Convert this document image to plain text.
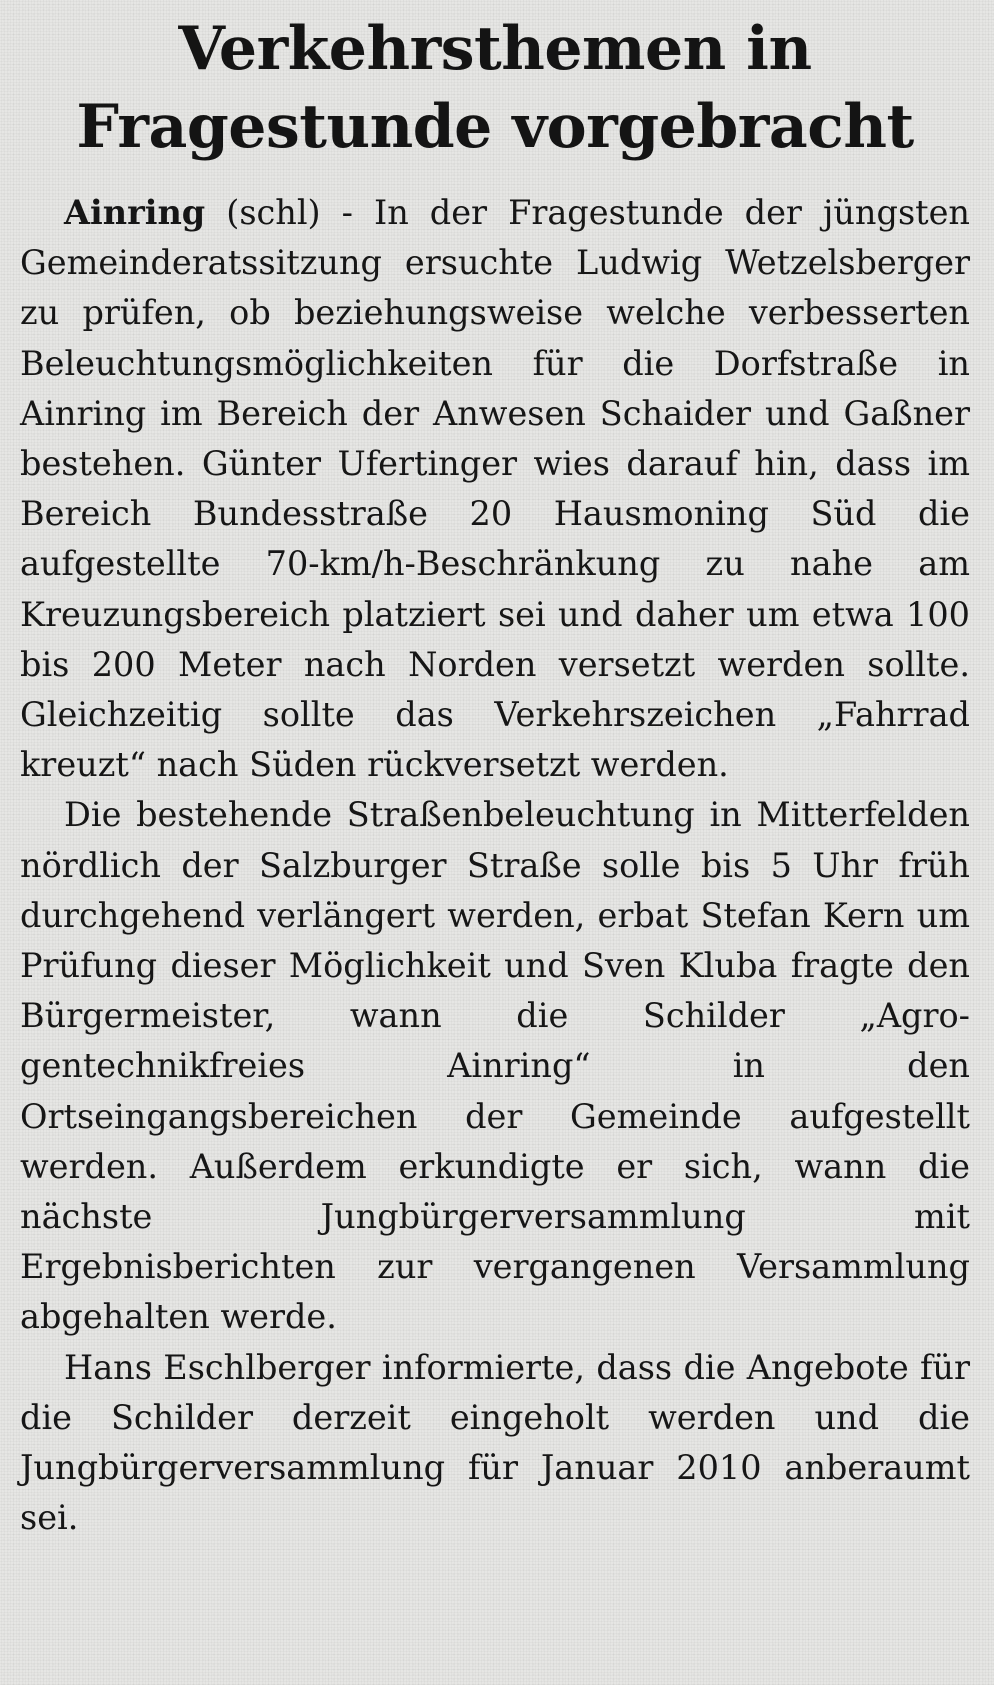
Verkehrsthemen in
Fragestunde vorgebracht

Ainring (schl) - In der Fragestunde der jüngsten Gemeinderatssitzung ersuchte Ludwig Wetzelsberger zu prüfen, ob beziehungsweise welche verbesserten Beleuchtungsmöglichkeiten für die Dorfstraße in Ainring im Bereich der Anwesen Schaider und Gaßner bestehen. Günter Ufertinger wies darauf hin, dass im Bereich Bundesstraße 20 Hausmoning Süd die aufgestellte 70-km/h-Beschränkung zu nahe am Kreuzungsbereich platziert sei und daher um etwa 100 bis 200 Meter nach Norden versetzt werden sollte. Gleichzeitig sollte das Verkehrszeichen „Fahrrad kreuzt“ nach Süden rückversetzt werden.

Die bestehende Straßenbeleuchtung in Mitterfelden nördlich der Salzburger Straße solle bis 5 Uhr früh durchgehend verlängert werden, erbat Stefan Kern um Prüfung dieser Möglichkeit und Sven Kluba fragte den Bürgermeister, wann die Schilder „Agro-gentechnikfreies Ainring“ in den Ortseingangsbereichen der Gemeinde aufgestellt werden. Außerdem erkundigte er sich, wann die nächste Jungbürgerversammlung mit Ergebnisberichten zur vergangenen Versammlung abgehalten werde.

Hans Eschlberger informierte, dass die Angebote für die Schilder derzeit eingeholt werden und die Jungbürgerversammlung für Januar 2010 anberaumt sei.
